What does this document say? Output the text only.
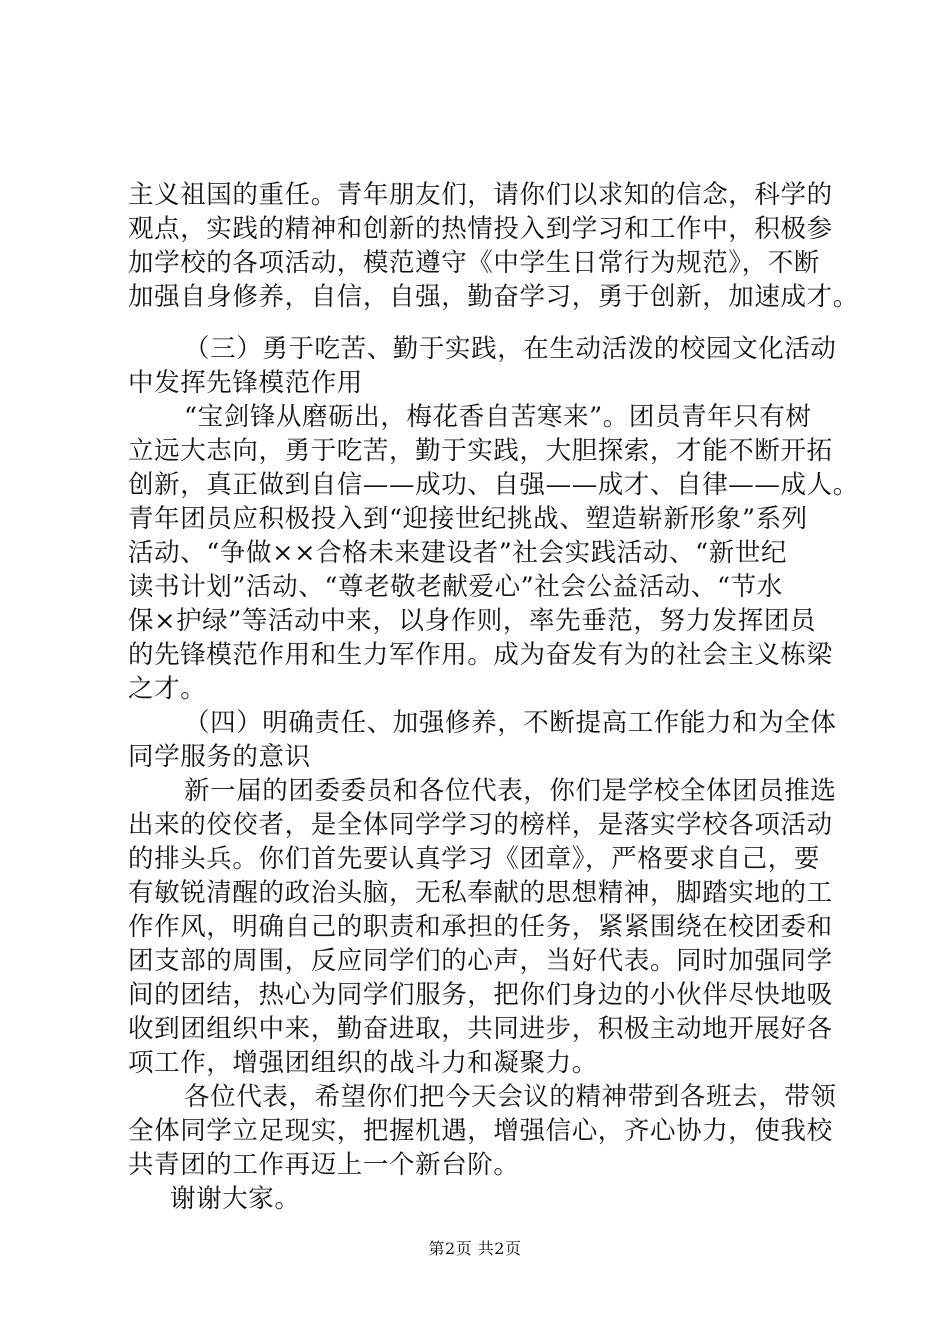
主义祖国的重任。青年朋友们，请你们以求知的信念，科学的
观点，实践的精神和创新的热情投入到学习和工作中，积极参
加学校的各项活动，模范遵守《中学生日常行为规范》，不断
加强自身修养，自信，自强，勤奋学习，勇于创新，加速成才。
（三）勇于吃苦、勤于实践，在生动活泼的校园文化活动
中发挥先锋模范作用
“宝剑锋从磨砺出，梅花香自苦寒来”。团员青年只有树
立远大志向，勇于吃苦，勤于实践，大胆探索，才能不断开拓
创新，真正做到自信——成功、自强——成才、自律——成人。
青年团员应积极投入到“迎接世纪挑战、塑造崭新形象”系列
活动、“争做××合格未来建设者”社会实践活动、“新世纪
读书计划”活动、“尊老敬老献爱心”社会公益活动、“节水
保×护绿”等活动中来，以身作则，率先垂范，努力发挥团员
的先锋模范作用和生力军作用。成为奋发有为的社会主义栋梁
之才。
（四）明确责任、加强修养，不断提高工作能力和为全体
同学服务的意识
新一届的团委委员和各位代表，你们是学校全体团员推选
出来的佼佼者，是全体同学学习的榜样，是落实学校各项活动
的排头兵。你们首先要认真学习《团章》，严格要求自己，要
有敏锐清醒的政治头脑，无私奉献的思想精神，脚踏实地的工
作作风，明确自己的职责和承担的任务，紧紧围绕在校团委和
团支部的周围，反应同学们的心声，当好代表。同时加强同学
间的团结，热心为同学们服务，把你们身边的小伙伴尽快地吸
收到团组织中来，勤奋进取，共同进步，积极主动地开展好各
项工作，增强团组织的战斗力和凝聚力。
各位代表，希望你们把今天会议的精神带到各班去，带领
全体同学立足现实，把握机遇，增强信心，齐心协力，使我校
共青团的工作再迈上一个新台阶。
谢谢大家。
第2页 共2页
